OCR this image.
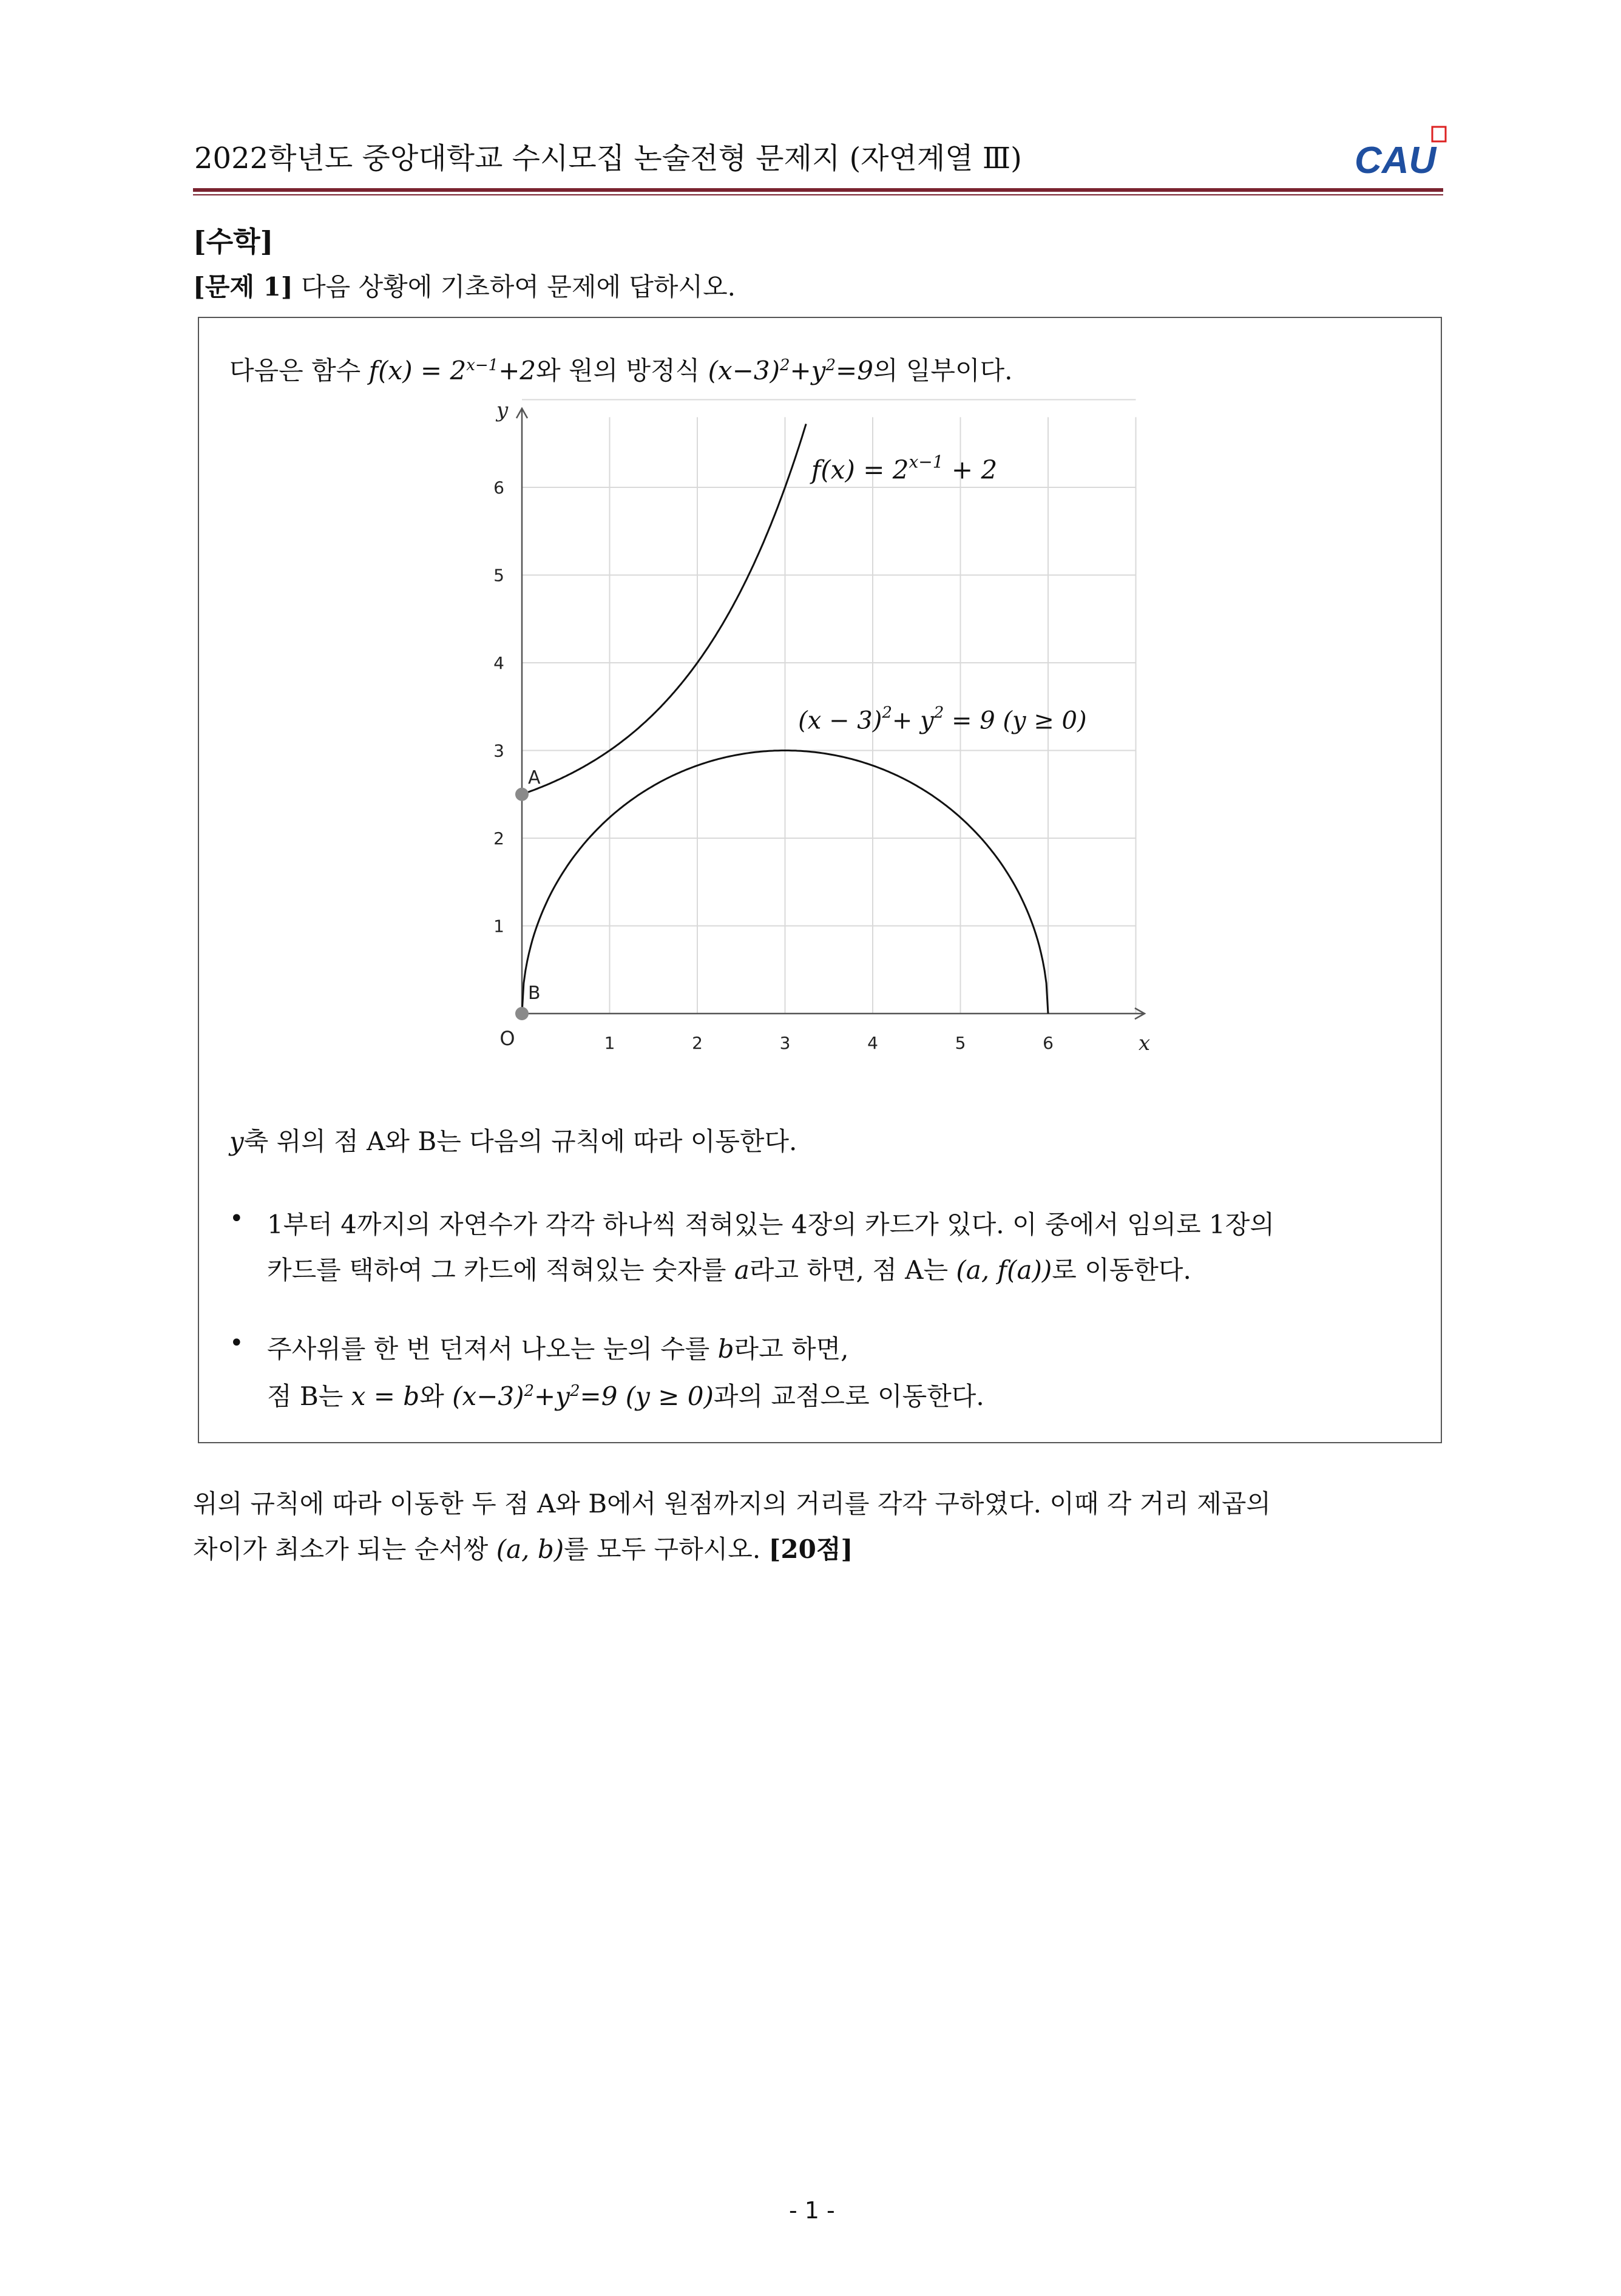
2022학년도 중앙대학교 수시모집 논술전형 문제지 (자연계열 Ⅲ)	CAU
[수학]
[문제 1] 다음 상황에 기초하여 문제에 답하시오.
다음은 함수 $f(x) = 2^{x-1}+2$와 원의 방정식 $(x-3)^2+y^2=9$의 일부이다.
1	2	3	4	5	6
1
2
3
4
5
6
O	x
y
$f(x) = 2^{x-1} + 2$
$(x - 3)^2+ y^2 = 9$ (y ≥ 0)
A
B
y축 위의 점 A와 B는 다음의 규칙에 따라 이동한다.
• 1부터 4까지의 자연수가 각각 하나씩 적혀있는 4장의 카드가 있다. 이 중에서 임의로 1장의
카드를 택하여 그 카드에 적혀있는 숫자를 a라고 하면, 점 A는 (a, f(a))로 이동한다.
• 주사위를 한 번 던져서 나오는 눈의 수를 b라고 하면,
점 B는 x = b와 $(x-3)^2+y^2=9$ (y ≥ 0)과의 교점으로 이동한다.
위의 규칙에 따라 이동한 두 점 A와 B에서 원점까지의 거리를 각각 구하였다. 이때 각 거리 제곱의
차이가 최소가 되는 순서쌍 (a, b)를 모두 구하시오. [20점]
- 1 -
